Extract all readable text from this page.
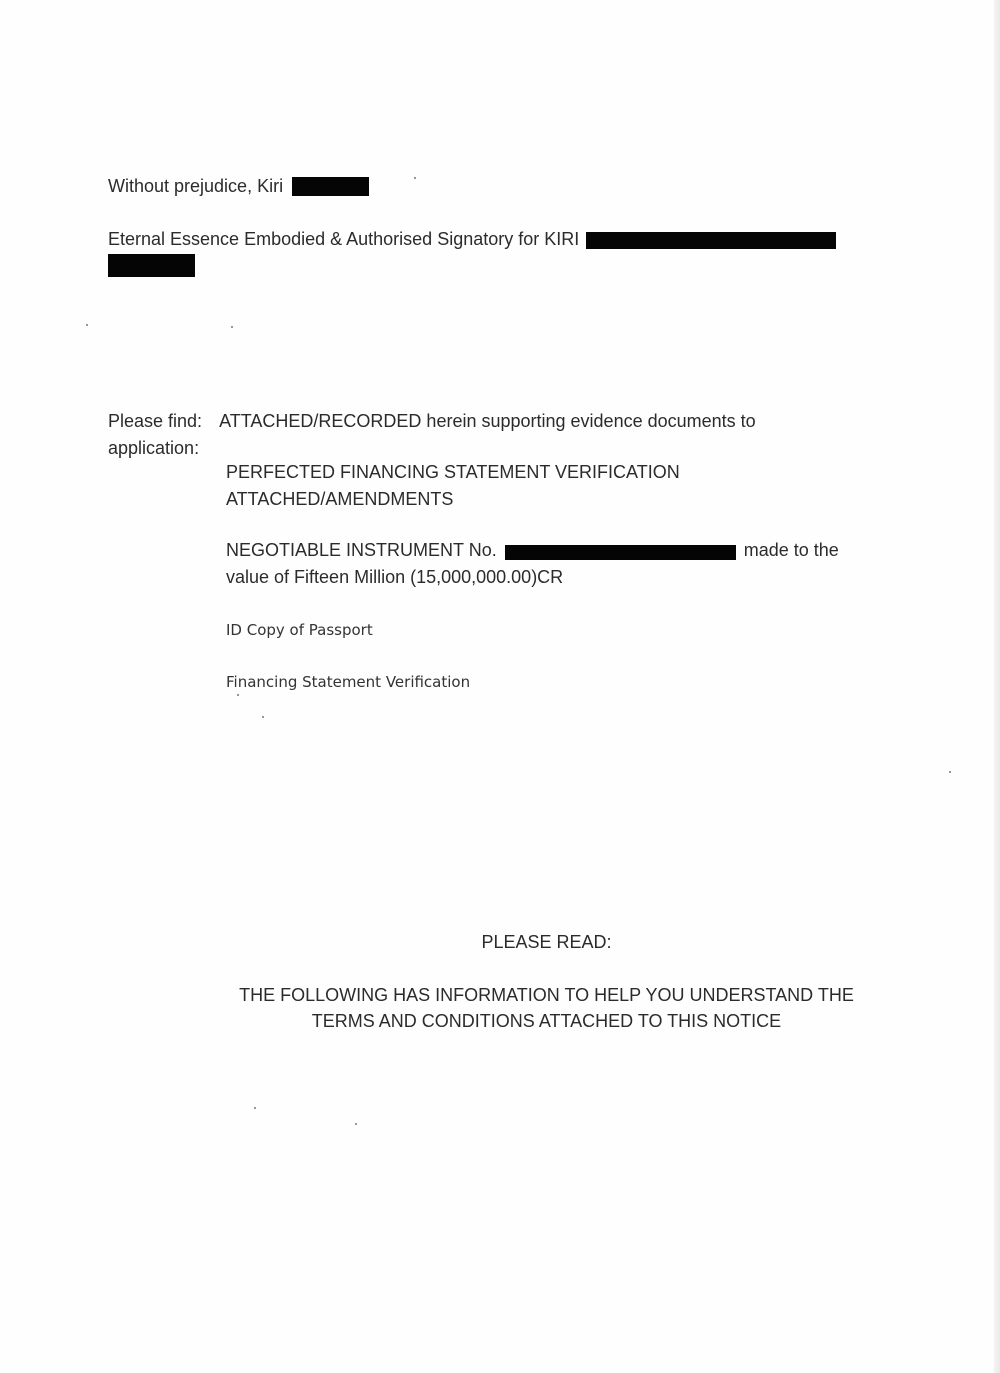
Without prejudice, Kiri

Eternal Essence Embodied & Authorised Signatory for KIRI

Please find: ATTACHED/RECORDED herein supporting evidence documents to

application:

PERFECTED FINANCING STATEMENT VERIFICATION

ATTACHED/AMENDMENTS

NEGOTIABLE INSTRUMENT No.	made to the

value of Fifteen Million (15,000,000.00)CR

ID Copy of Passport

Financing Statement Verification

PLEASE READ:

THE FOLLOWING HAS INFORMATION TO HELP YOU UNDERSTAND THE

TERMS AND CONDITIONS ATTACHED TO THIS NOTICE
